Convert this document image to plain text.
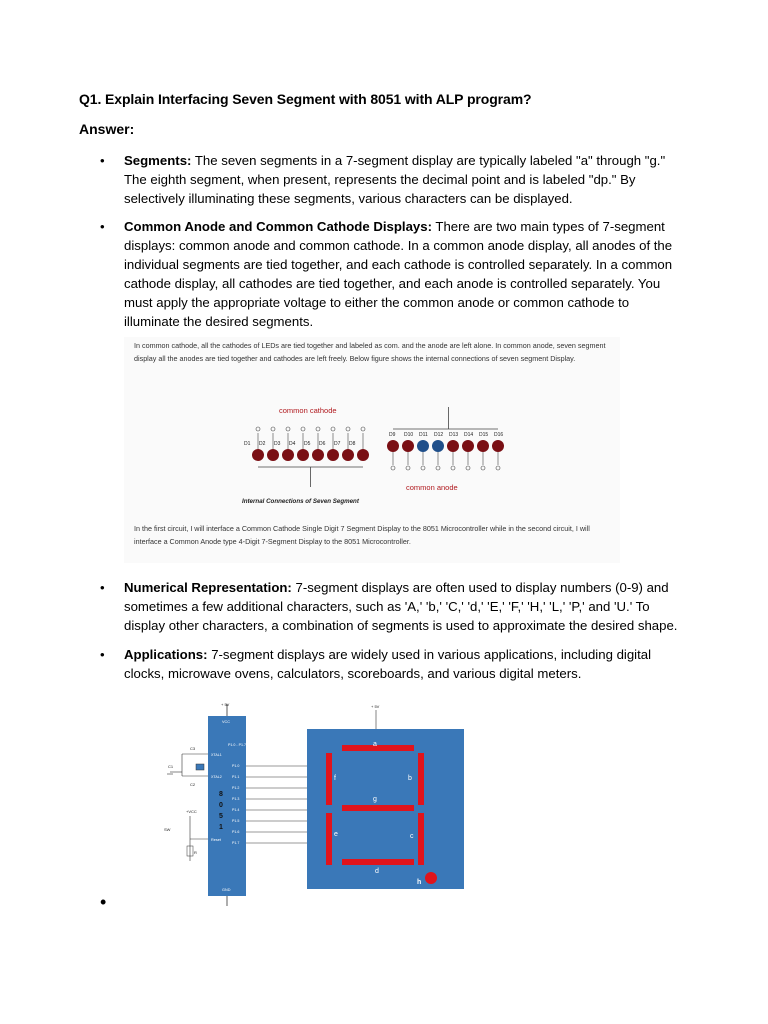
Q1. Explain Interfacing Seven Segment with 8051 with ALP program?
Answer:

• Segments: The seven segments in a 7-segment display are typically labeled "a" through "g." The eighth segment, when present, represents the decimal point and is labeled "dp." By selectively illuminating these segments, various characters can be displayed.

• Common Anode and Common Cathode Displays: There are two main types of 7-segment displays: common anode and common cathode. In a common anode display, all anodes of the individual segments are tied together, and each cathode is controlled separately. In a common cathode display, all cathodes are tied together, and each anode is controlled separately. You must apply the appropriate voltage to either the common anode or common cathode to illuminate the desired segments.

In common cathode, all the cathodes of LEDs are tied together and labeled as com. and the anode are left alone. In common anode, seven segment display all the anodes are tied together and cathodes are left freely. Below figure shows the internal connections of seven segment Display.
common cathode
common anode
Internal Connections of Seven Segment
D1 D2 D3 D4 D5 D6 D7 D8
D9 D10 D11 D12 D13 D14 D15 D16
In the first circuit, I will interface a Common Cathode Single Digit 7 Segment Display to the 8051 Microcontroller while in the second circuit, I will interface a Common Anode type 4-Digit 7-Segment Display to the 8051 Microcontroller.

• Numerical Representation: 7-segment displays are often used to display numbers (0-9) and sometimes a few additional characters, such as 'A,' 'b,' 'C,' 'd,' 'E,' 'F,' 'H,' 'L,' 'P,' and 'U.' To display other characters, a combination of segments is used to approximate the desired shape.

• Applications: 7-segment displays are widely used in various applications, including digital clocks, microwave ovens, calculators, scoreboards, and various digital meters.

+ 5V
VCC
P1.0 - P1.7
XTAL1
XTAL2
Reset
GND
8
0
5
1
C3
C2
C1
+VCC
SW
R
P1.0
P1.1
P1.2
P1.3
P1.4
P1.5
P1.6
P1.7
+ 5V
a
f	b
g
e	c
d
h
•
